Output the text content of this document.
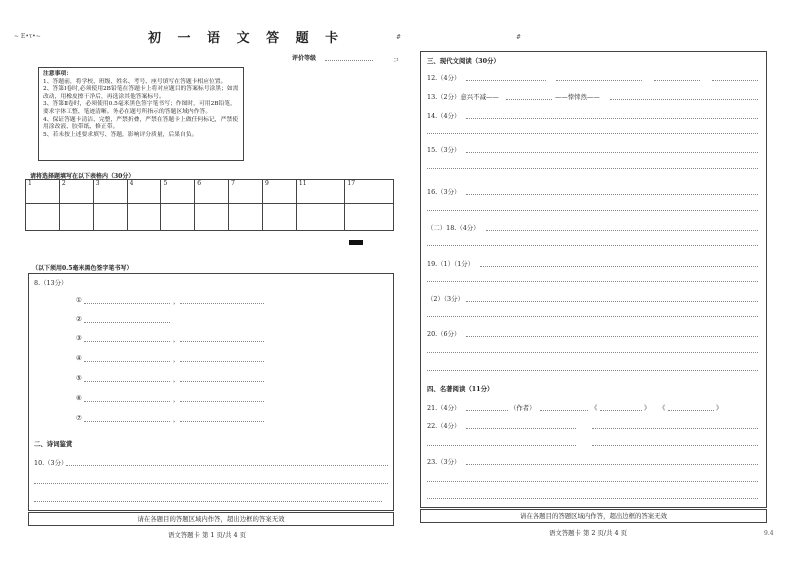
~ Ε•τ•~	初 一 语 文 答 题 卡	#	#
评价等级	コ
注意事项：
1、答题前，将学校、班级、姓名、考号、座号填写在答题卡相应位置。
2、答第Ⅰ卷时,必须使用2B铅笔在答题卡上将对应题目的答案标号涂黑；如需改动，用橡皮擦干净后，再选涂其他答案标号。
3、答第Ⅱ卷时，必须使用0.5毫米黑色签字笔书写；作图时，可用2B铅笔，要求字体工整、笔迹清晰。务必在题号所指示的答题区域内作答。
4、保证答题卡清洁、完整，严禁折叠，严禁在答题卡上做任何标记，严禁使用涂改液、胶带纸、修正带。
5、若未按上述要求填写、答题，影响评分质量，后果自负。
请将选择题填写在以下表格内（30分）
1	2	3	4	5	6	7	9	11	17

（以下须用0.5毫米黑色签字笔书写）
8.（13分）
①	，
②
③	，
④	，
⑤	，
⑥	，
⑦	，
二、诗词鉴赏
10.（3分）
请在各题目的答题区域内作答，超出边框的答案无效
语文答题卡 第 1 页/共 4 页
三、现代文阅读（30分）
12.（4分）
13.（2分）意兴不减——	——悻悻然——
14.（4分）
15.（3分）
16.（3分）
（二）18.（4分）
19.（1）（1分）
（2）（3分）
20.（6分）
四、名著阅读（11分）
21.（4分）	（作者）	《	》 《	》
22.（4分）
23.（3分）
请在各题目的答题区域内作答，超出边框的答案无效
语文答题卡 第 2 页/共 4 页	9.4
